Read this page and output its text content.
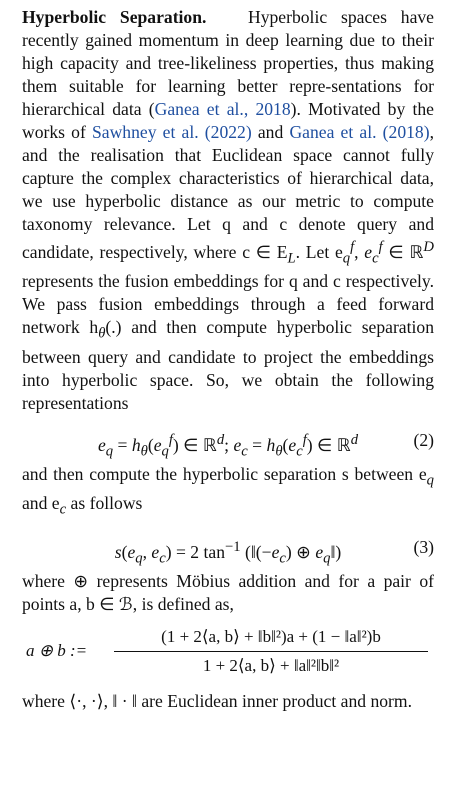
Hyperbolic Separation. Hyperbolic spaces have recently gained momentum in deep learning due to their high capacity and tree-likeliness properties, thus making them suitable for learning better repre-sentations for hierarchical data (Ganea et al., 2018). Motivated by the works of Sawhney et al. (2022) and Ganea et al. (2018), and the realisation that Euclidean space cannot fully capture the complex characteristics of hierarchical data, we use hyperbolic distance as our metric to compute taxonomy relevance. Let q and c denote query and candidate, respectively, where c ∈ $E_L$. Let $e_q^f$, $e_c^f$ ∈ ℝ$^D$ represents the fusion embeddings for q and c respectively. We pass fusion embeddings through a feed forward network $h_\theta(.)$ and then compute hyperbolic separation between query and candidate to project the embeddings into hyperbolic space. So, we obtain the following representations

$e_q = h_\theta(e_q^f)$ ∈ ℝ$^d$; $e_c = h_\theta(e_c^f)$ ∈ ℝ$^d$	(2)

and then compute the hyperbolic separation s between $e_q$ and $e_c$ as follows

$s(e_q$, $e_c) = 2$ $\tan^{-1}$ ($‖(-e_c)$ ⊕ $e_q‖$)	(3)

where ⊕ represents Möbius addition and for a pair of points a, b ∈ ℬ, is defined as,

a ⊕ b :=
(1 + 2⟨a, b⟩ + ‖b‖²)a + (1 − ‖a‖²)b
1 + 2⟨a, b⟩ + ‖a‖²‖b‖²

where ⟨·, ·⟩, ‖ · ‖ are Euclidean inner product and norm.
